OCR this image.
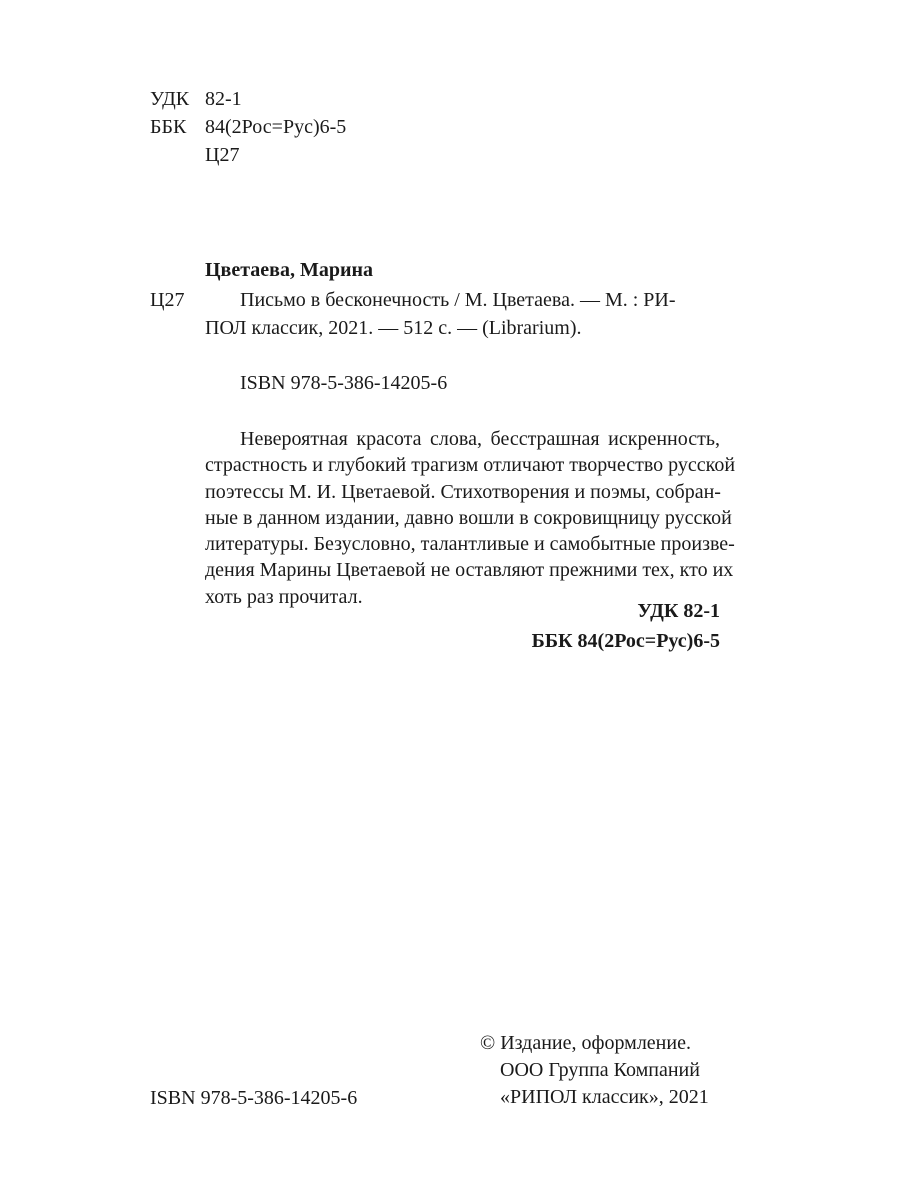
УДК 82-1
ББК 84(2Рос=Рус)6-5
Ц27
Цветаева, Марина
Ц27	Письмо в бесконечность / М. Цветаева. — М. : РИ-
ПОЛ классик, 2021. — 512 с. — (Librarium).
ISBN 978-5-386-14205-6
Невероятная красота слова, бесстрашная искренность,
страстность и глубокий трагизм отличают творчество русской
поэтессы М. И. Цветаевой. Стихотворения и поэмы, собран-
ные в данном издании, давно вошли в сокровищницу русской
литературы. Безусловно, талантливые и самобытные произве-
дения Марины Цветаевой не оставляют прежними тех, кто их
хоть раз прочитал.
УДК 82-1
ББК 84(2Рос=Рус)6-5
© Издание, оформление.
ООО Группа Компаний
«РИПОЛ классик», 2021
ISBN 978-5-386-14205-6
